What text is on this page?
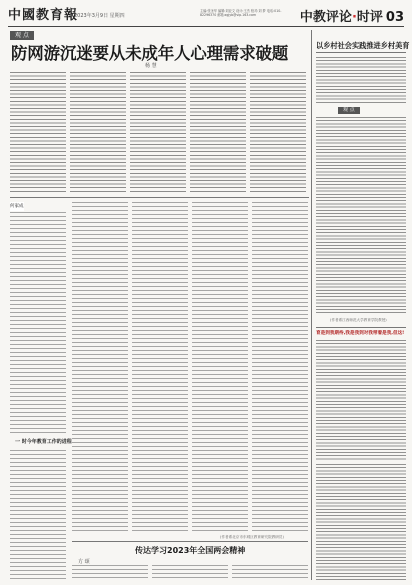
中國教育報
2023年3月9日 星期四
主编:张圣华 编辑:刘亚文 设计:王杰 校对:刘 梦 电话:010-82296370 邮箱:zgjyb@vip.163.com	中教评论·时评 03
观 点
防网游沉迷要从未成年人心理需求破题
杨 慧
以乡村社会实践推进乡村美育
观 点
(作者系江西师范大学教育学院教授)
育是到我期待,我是我到对我带着是我,但这!
何家成
一 时今年教育工作的进程
(作者系北京市东城区教育研究院教研员)
传达学习2023年全国两会精神
方 颂
